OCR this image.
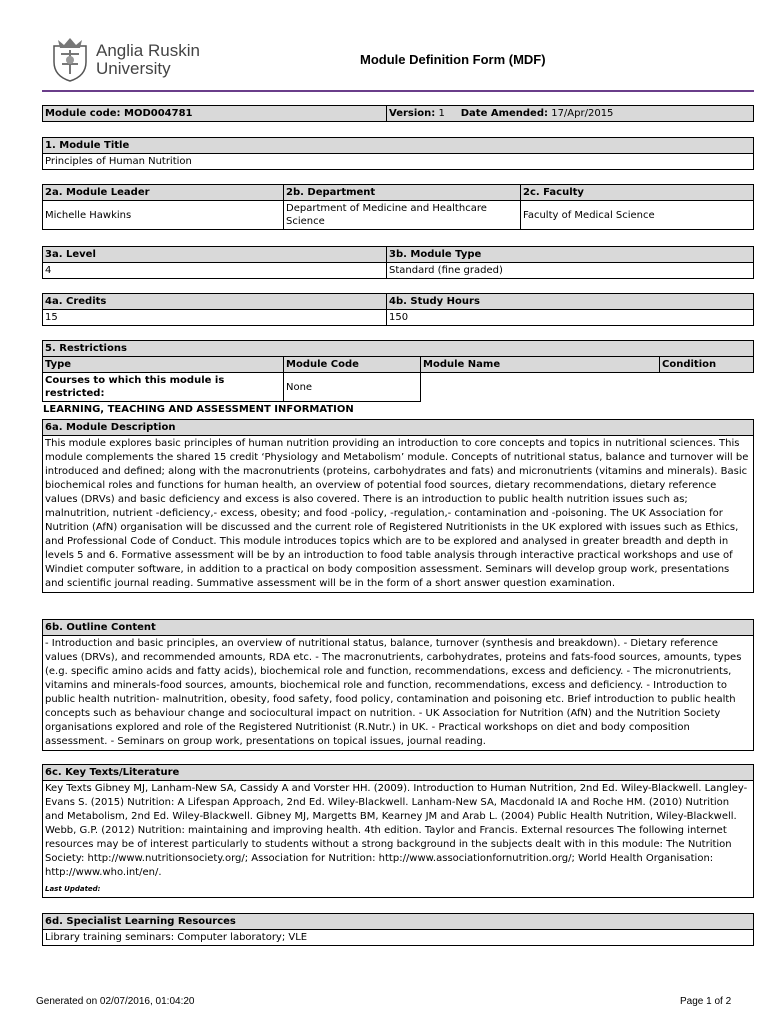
Anglia Ruskin
University	Module Definition Form (MDF)
Module code: MOD004781	Version: 1 Date Amended: 17/Apr/2015
1. Module Title
Principles of Human Nutrition
2a. Module Leader	2b. Department	2c. Faculty
Michelle Hawkins	Department of Medicine and Healthcare Science	Faculty of Medical Science
3a. Level	3b. Module Type
4	Standard (fine graded)
4a. Credits	4b. Study Hours
15	150
5. Restrictions			
Type	Module Code	Module Name	Condition
Courses to which this module is restricted:	None		
LEARNING, TEACHING AND ASSESSMENT INFORMATION
6a. Module Description
This module explores basic principles of human nutrition providing an introduction to core concepts and topics in nutritional sciences. This module complements the shared 15 credit ‘Physiology and Metabolism’ module. Concepts of nutritional status, balance and turnover will be introduced and defined; along with the macronutrients (proteins, carbohydrates and fats) and micronutrients (vitamins and minerals). Basic biochemical roles and functions for human health, an overview of potential food sources, dietary recommendations, dietary reference values (DRVs) and basic deficiency and excess is also covered. There is an introduction to public health nutrition issues such as; malnutrition, nutrient -deficiency,- excess, obesity; and food -policy, -regulation,- contamination and -poisoning. The UK Association for Nutrition (AfN) organisation will be discussed and the current role of Registered Nutritionists in the UK explored with issues such as Ethics, and Professional Code of Conduct. This module introduces topics which are to be explored and analysed in greater breadth and depth in levels 5 and 6. Formative assessment will be by an introduction to food table analysis through interactive practical workshops and use of Windiet computer software, in addition to a practical on body composition assessment. Seminars will develop group work, presentations and scientific journal reading. Summative assessment will be in the form of a short answer question examination.
6b. Outline Content
- Introduction and basic principles, an overview of nutritional status, balance, turnover (synthesis and breakdown). - Dietary reference values (DRVs), and recommended amounts, RDA etc. - The macronutrients, carbohydrates, proteins and fats-food sources, amounts, types (e.g. specific amino acids and fatty acids), biochemical role and function, recommendations, excess and deficiency. - The micronutrients, vitamins and minerals-food sources, amounts, biochemical role and function, recommendations, excess and deficiency. - Introduction to public health nutrition- malnutrition, obesity, food safety, food policy, contamination and poisoning etc. Brief introduction to public health concepts such as behaviour change and sociocultural impact on nutrition. - UK Association for Nutrition (AfN) and the Nutrition Society organisations explored and role of the Registered Nutritionist (R.Nutr.) in UK. - Practical workshops on diet and body composition assessment. - Seminars on group work, presentations on topical issues, journal reading.
6c. Key Texts/Literature
Key Texts Gibney MJ, Lanham-New SA, Cassidy A and Vorster HH. (2009). Introduction to Human Nutrition, 2nd Ed. Wiley-Blackwell. Langley-Evans S. (2015) Nutrition: A Lifespan Approach, 2nd Ed. Wiley-Blackwell. Lanham-New SA, Macdonald IA and Roche HM. (2010) Nutrition and Metabolism, 2nd Ed. Wiley-Blackwell. Gibney MJ, Margetts BM, Kearney JM and Arab L. (2004) Public Health Nutrition, Wiley-Blackwell. Webb, G.P. (2012) Nutrition: maintaining and improving health. 4th edition. Taylor and Francis. External resources The following internet resources may be of interest particularly to students without a strong background in the subjects dealt with in this module: The Nutrition Society: http://www.nutritionsociety.org/; Association for Nutrition: http://www.associationfornutrition.org/; World Health Organisation: http://www.who.int/en/.
Last Updated:
6d. Specialist Learning Resources
Library training seminars: Computer laboratory; VLE
Generated on 02/07/2016, 01:04:20	Page 1 of 2
